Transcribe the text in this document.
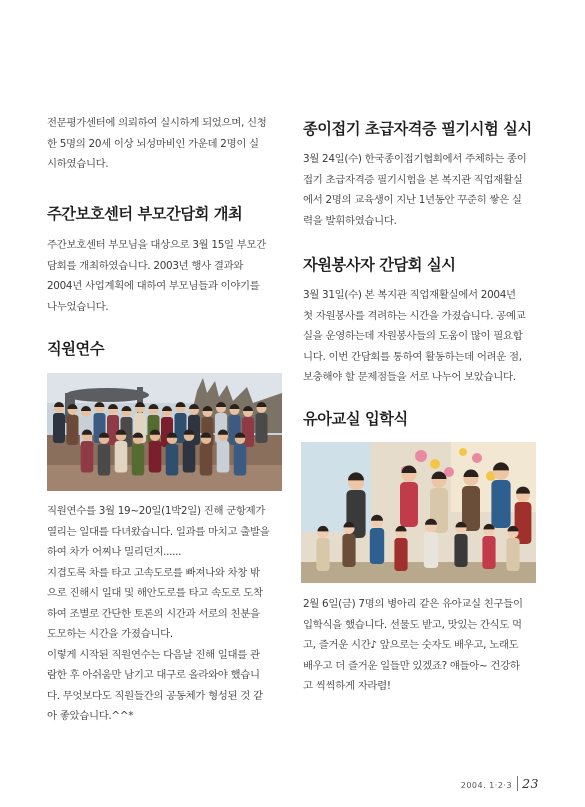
전문평가센터에 의뢰하여 실시하게 되었으며, 신청
한 5명의 20세 이상 뇌성마비인 가운데 2명이 실
시하였습니다.

주간보호센터 부모간담회 개최

주간보호센터 부모님을 대상으로 3월 15일 부모간
담회를 개최하였습니다. 2003년 행사 결과와
2004년 사업계획에 대하여 부모님들과 이야기를
나누었습니다.

직원연수

직원연수를 3월 19~20일(1박2일) 진해 군항제가
열리는 일대를 다녀왔습니다. 일과를 마치고 출발을
하여 차가 어찌나 밀리던지......
지겹도록 차를 타고 고속도로를 빠져나와 차창 밖
으로 진해시 일대 및 해안도로를 타고 속도로 도착
하여 조별로 간단한 토론의 시간과 서로의 친분을
도모하는 시간을 가졌습니다.
이렇게 시작된 직원연수는 다음날 진해 일대를 관
람한 후 아쉬움만 남기고 대구로 올라와야 했습니
다. 무엇보다도 직원들간의 공동체가 형성된 것 같
아 좋았습니다.^^*

종이접기 초급자격증 필기시험 실시

3월 24일(수) 한국종이접기협회에서 주체하는 종이
접기 초급자격증 필기시험을 본 복지관 직업재활실
에서 2명의 교육생이 지난 1년동안 꾸준히 쌓은 실
력을 발휘하였습니다.

자원봉사자 간담회 실시

3월 31일(수) 본 복지관 직업재활실에서 2004년
첫 자원봉사를 격려하는 시간을 가졌습니다. 공예교
실을 운영하는데 자원봉사들의 도움이 많이 필요합
니다. 이번 간담회를 통하여 활동하는데 어려운 점,
보충해야 할 문제점들을 서로 나누어 보았습니다.

유아교실 입학식

2월 6일(금) 7명의 병아리 같은 유아교실 친구들이
입학식을 했습니다. 선물도 받고, 맛있는 간식도 먹
고, 즐거운 시간♪ 앞으로는 숫자도 배우고, 노래도
배우고 더 즐거운 일들만 있겠죠? 얘들아~ 건강하
고 씩씩하게 자라렴!

2004. 1·2·3 23
